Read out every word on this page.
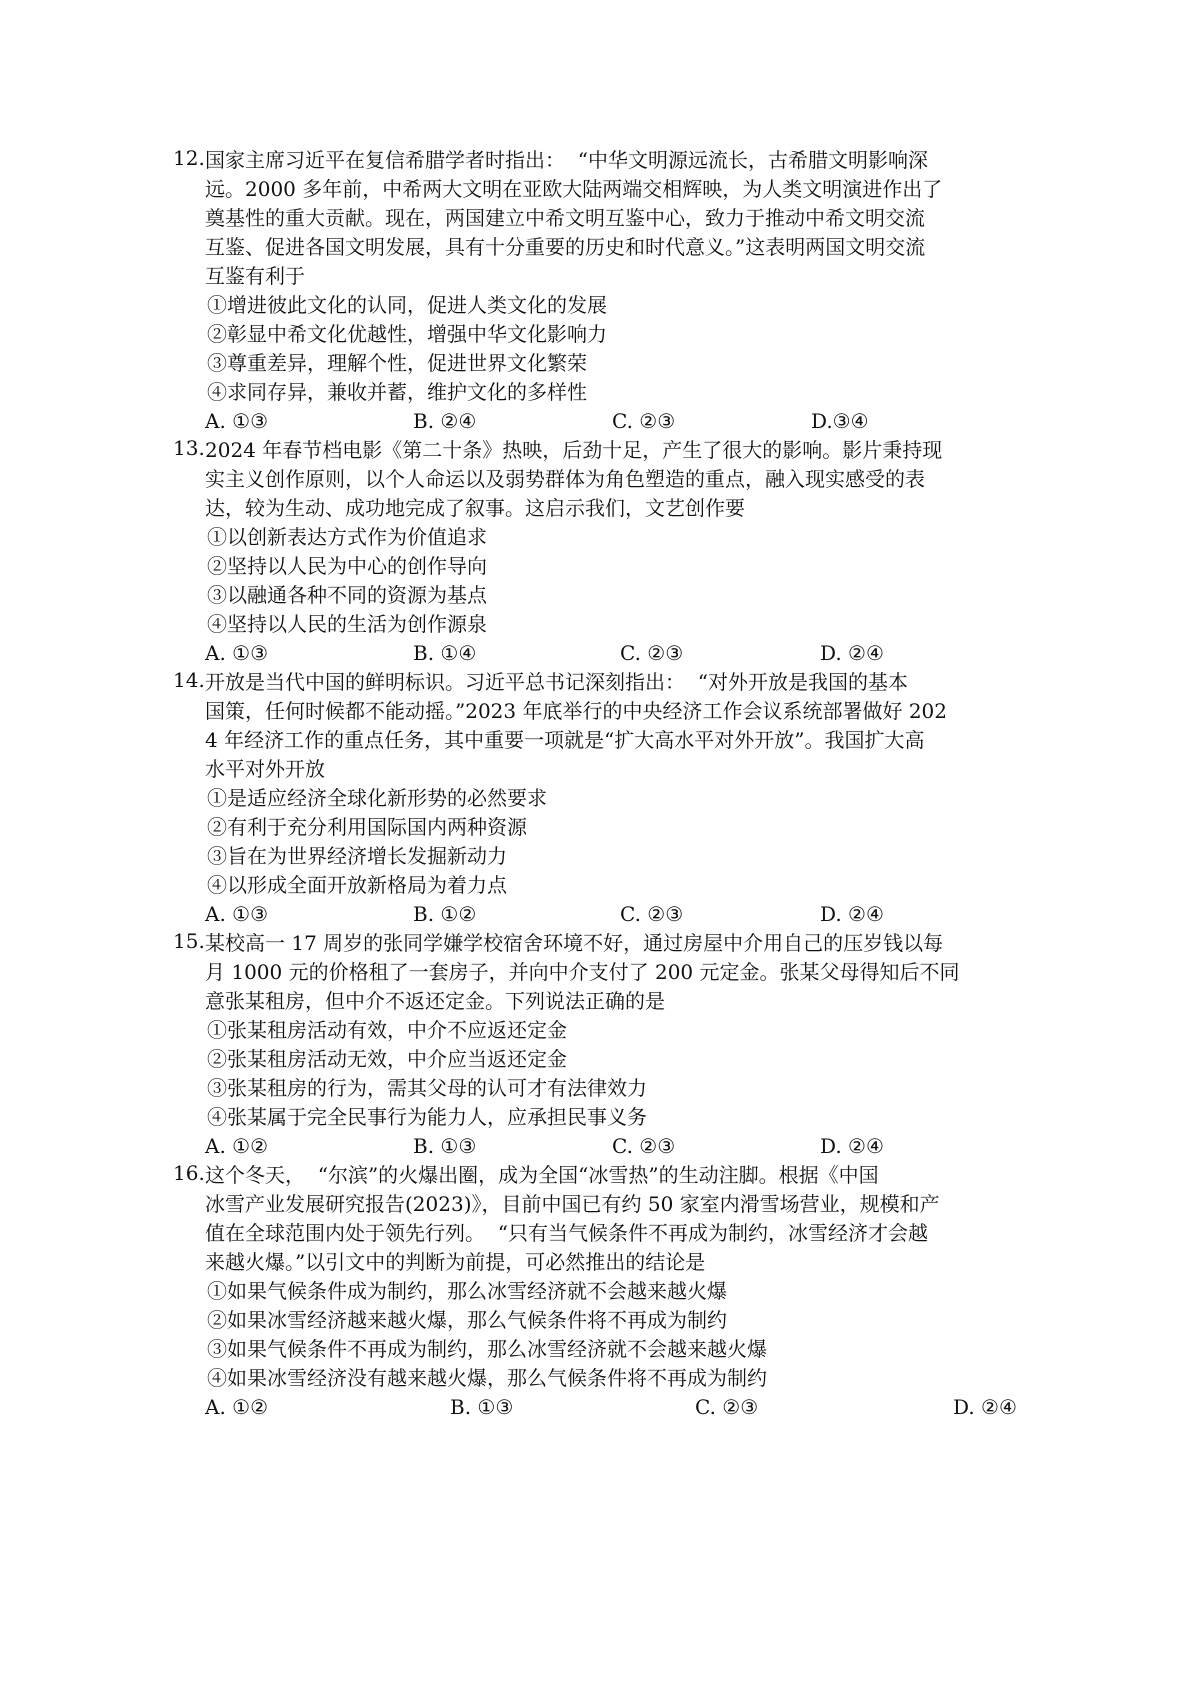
12. 国家主席习近平在复信希腊学者时指出：  “中华文明源远流长，古希腊文明影响深
远。2000 多年前，中希两大文明在亚欧大陆两端交相辉映，为人类文明演进作出了
奠基性的重大贡献。现在，两国建立中希文明互鉴中心，致力于推动中希文明交流
互鉴、促进各国文明发展，具有十分重要的历史和时代意义。”这表明两国文明交流
互鉴有利于
①增进彼此文化的认同，促进人类文化的发展
②彰显中希文化优越性，增强中华文化影响力
③尊重差异，理解个性，促进世界文化繁荣
④求同存异，兼收并蓄，维护文化的多样性
A. ①③	B. ②④	C. ②③	D.③④
13. 2024 年春节档电影《第二十条》热映，后劲十足，产生了很大的影响。影片秉持现
实主义创作原则，以个人命运以及弱势群体为角色塑造的重点，融入现实感受的表
达，较为生动、成功地完成了叙事。这启示我们，文艺创作要
①以创新表达方式作为价值追求
②坚持以人民为中心的创作导向
③以融通各种不同的资源为基点
④坚持以人民的生活为创作源泉
A. ①③	B. ①④	C. ②③	D. ②④
14. 开放是当代中国的鲜明标识。习近平总书记深刻指出：  “对外开放是我国的基本
国策，任何时候都不能动摇。”2023 年底举行的中央经济工作会议系统部署做好 202
4 年经济工作的重点任务，其中重要一项就是“扩大高水平对外开放”。我国扩大高
水平对外开放
①是适应经济全球化新形势的必然要求
②有利于充分利用国际国内两种资源
③旨在为世界经济增长发掘新动力
④以形成全面开放新格局为着力点
A. ①③	B. ①②	C. ②③	D. ②④
15. 某校高一 17 周岁的张同学嫌学校宿舍环境不好，通过房屋中介用自己的压岁钱以每
月 1000 元的价格租了一套房子，并向中介支付了 200 元定金。张某父母得知后不同
意张某租房，但中介不返还定金。下列说法正确的是
①张某租房活动有效，中介不应返还定金
②张某租房活动无效，中介应当返还定金
③张某租房的行为，需其父母的认可才有法律效力
④张某属于完全民事行为能力人，应承担民事义务
A. ①②	B. ①③	C. ②③	D. ②④
16. 这个冬天，  “尔滨”的火爆出圈，成为全国“冰雪热”的生动注脚。根据《中国
冰雪产业发展研究报告(2023)》，目前中国已有约 50 家室内滑雪场营业，规模和产
值在全球范围内处于领先行列。  “只有当气候条件不再成为制约，冰雪经济才会越
来越火爆。”以引文中的判断为前提，可必然推出的结论是
①如果气候条件成为制约，那么冰雪经济就不会越来越火爆
②如果冰雪经济越来越火爆，那么气候条件将不再成为制约
③如果气候条件不再成为制约，那么冰雪经济就不会越来越火爆
④如果冰雪经济没有越来越火爆，那么气候条件将不再成为制约
A. ①②	B. ①③	C. ②③	D. ②④
